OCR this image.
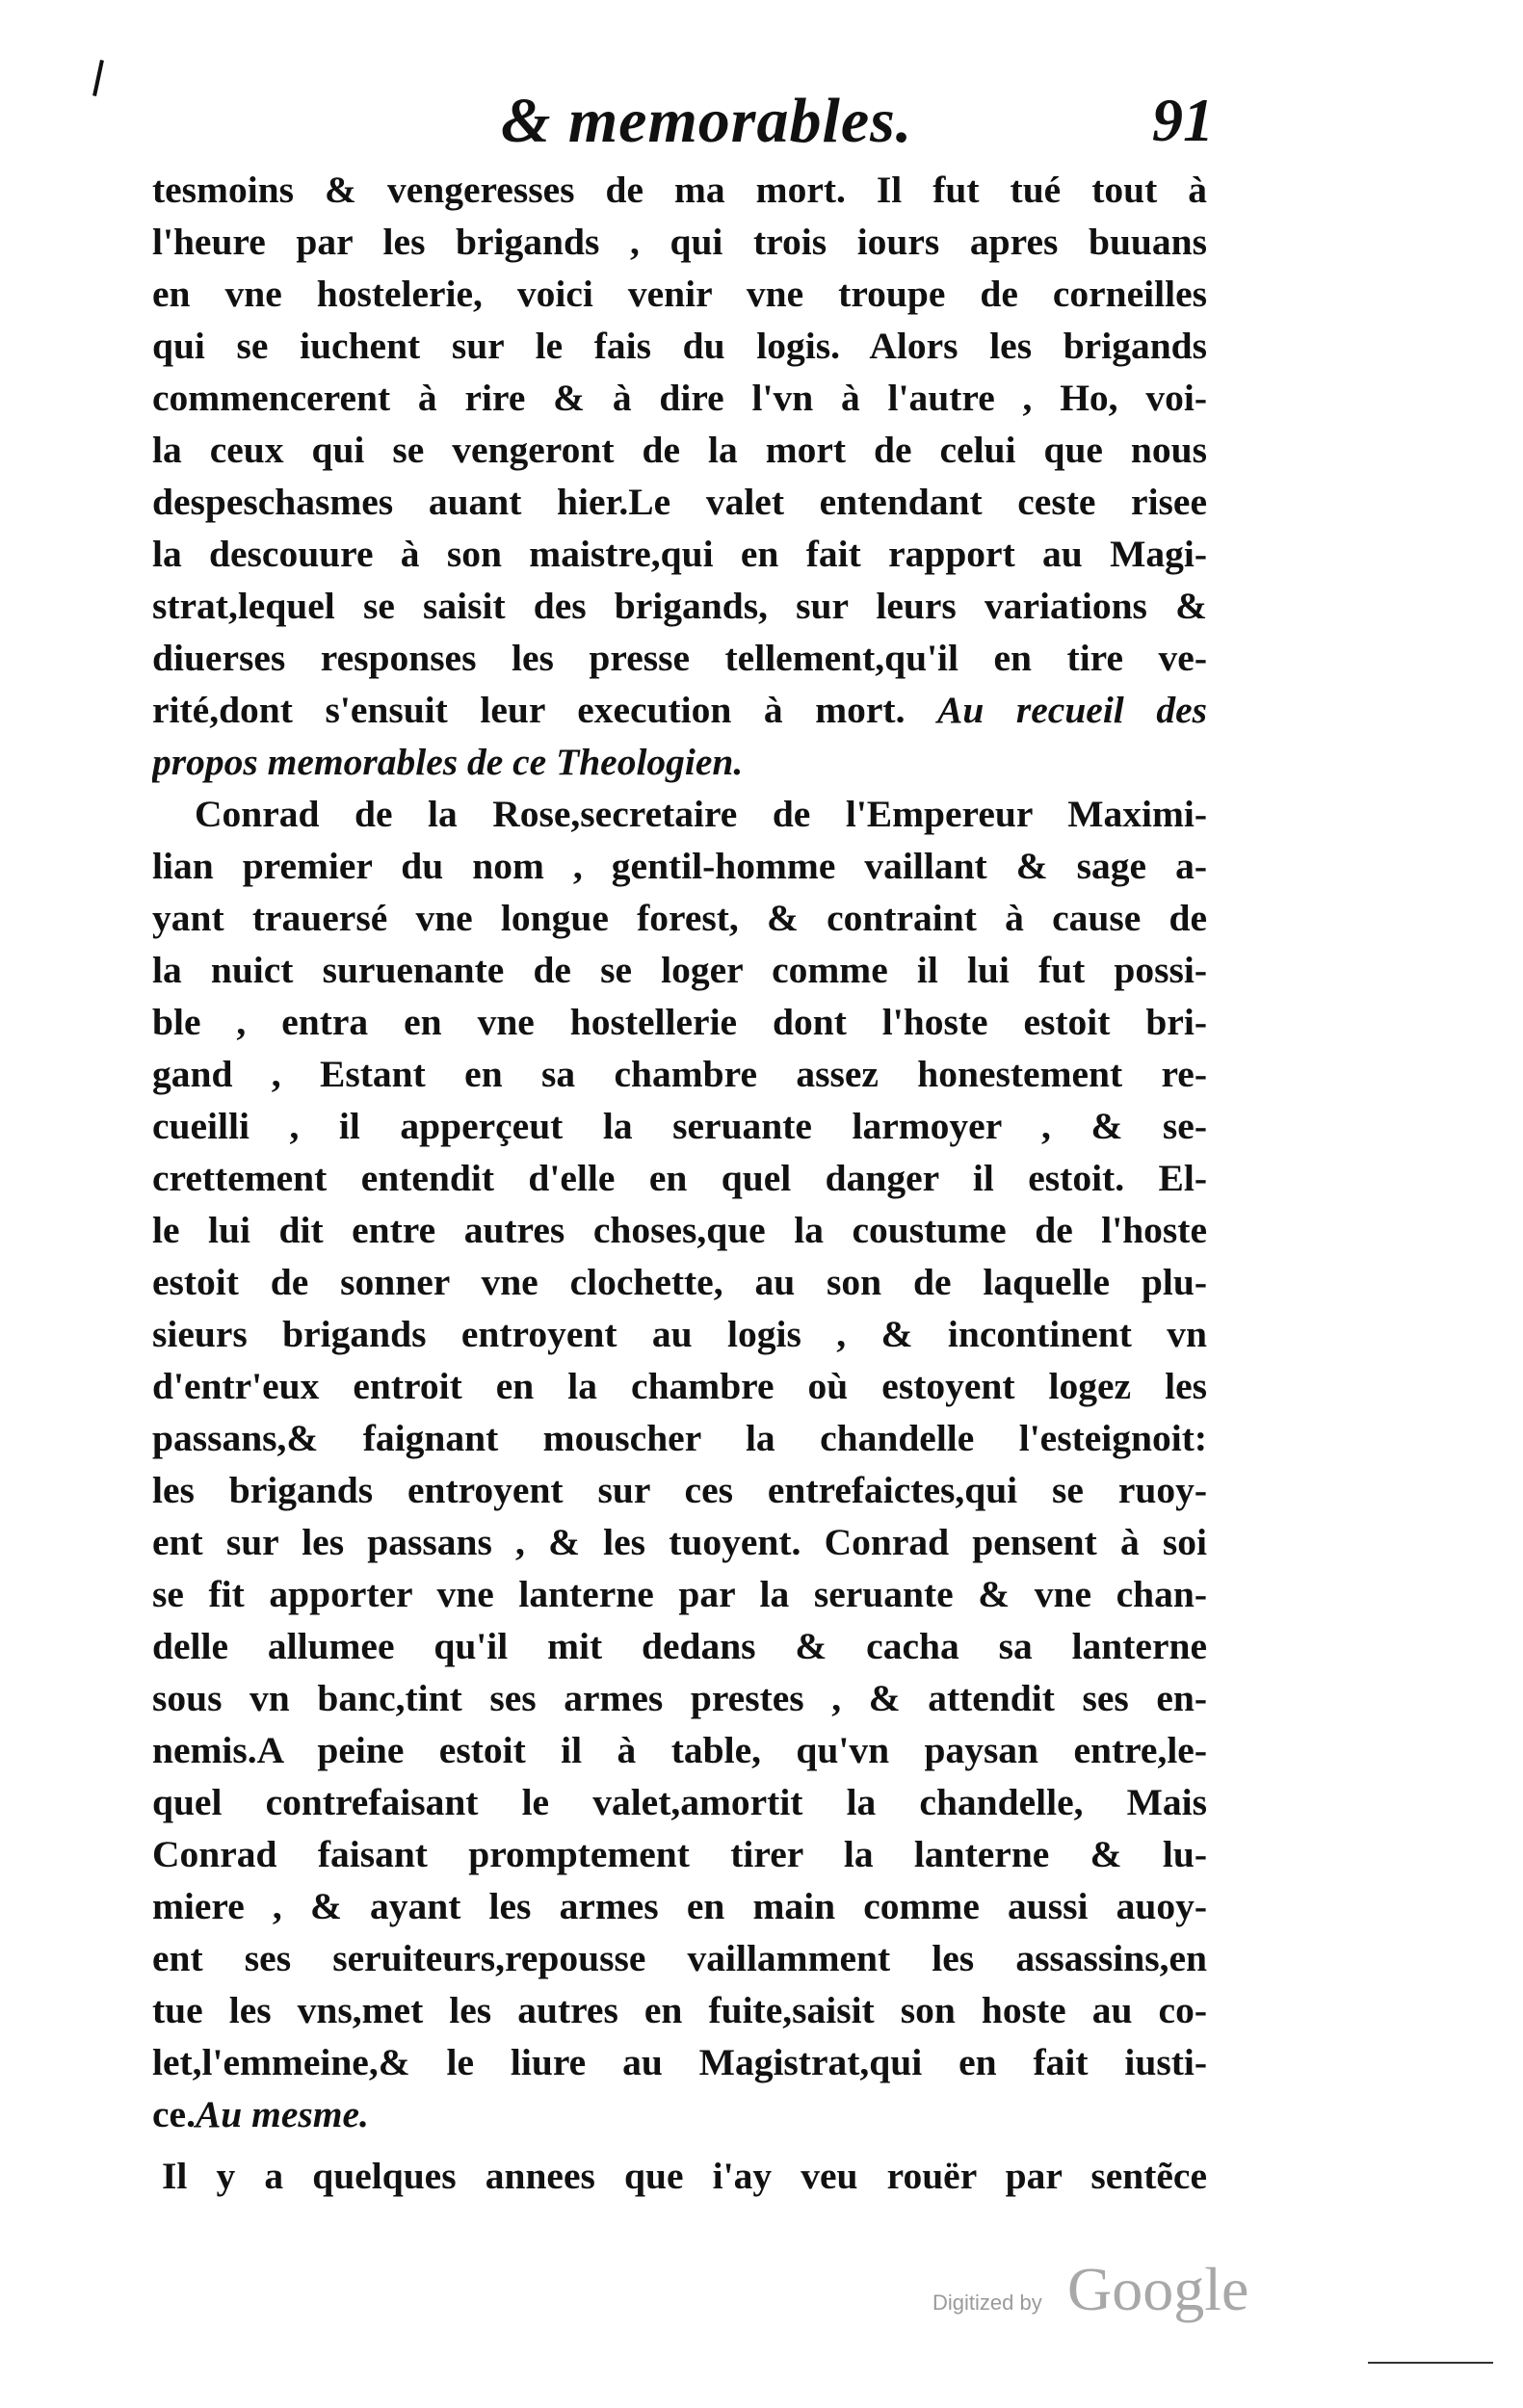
& memorables.	91
tesmoins & vengeresses de ma mort. Il fut tué tout à
l'heure par les brigands , qui trois iours apres buuans
en vne hostelerie, voici venir vne troupe de corneilles
qui se iuchent sur le fais du logis. Alors les brigands
commencerent à rire & à dire l'vn à l'autre , Ho, voi-
la ceux qui se vengeront de la mort de celui que nous
despeschasmes auant hier.Le valet entendant ceste risee
la descouure à son maistre,qui en fait rapport au Magi-
strat,lequel se saisit des brigands, sur leurs variations &
diuerses responses les presse tellement,qu'il en tire ve-
rité,dont s'ensuit leur execution à mort. Au recueil des
propos memorables de ce Theologien.
Conrad de la Rose,secretaire de l'Empereur Maximi-
lian premier du nom , gentil-homme vaillant & sage a-
yant trauersé vne longue forest, & contraint à cause de
la nuict suruenante de se loger comme il lui fut possi-
ble , entra en vne hostellerie dont l'hoste estoit bri-
gand , Estant en sa chambre assez honestement re-
cueilli , il apperçeut la seruante larmoyer , & se-
crettement entendit d'elle en quel danger il estoit. El-
le lui dit entre autres choses,que la coustume de l'hoste
estoit de sonner vne clochette, au son de laquelle plu-
sieurs brigands entroyent au logis , & incontinent vn
d'entr'eux entroit en la chambre où estoyent logez les
passans,& faignant mouscher la chandelle l'esteignoit:
les brigands entroyent sur ces entrefaictes,qui se ruoy-
ent sur les passans , & les tuoyent. Conrad pensent à soi
se fit apporter vne lanterne par la seruante & vne chan-
delle allumee qu'il mit dedans & cacha sa lanterne
sous vn banc,tint ses armes prestes , & attendit ses en-
nemis.A peine estoit il à table, qu'vn paysan entre,le-
quel contrefaisant le valet,amortit la chandelle, Mais
Conrad faisant promptement tirer la lanterne & lu-
miere , & ayant les armes en main comme aussi auoy-
ent ses seruiteurs,repousse vaillamment les assassins,en
tue les vns,met les autres en fuite,saisit son hoste au co-
let,l'emmeine,& le liure au Magistrat,qui en fait iusti-
ce.Au mesme.
Il y a quelques annees que i'ay veu rouër par sentẽce
Digitized by Google
